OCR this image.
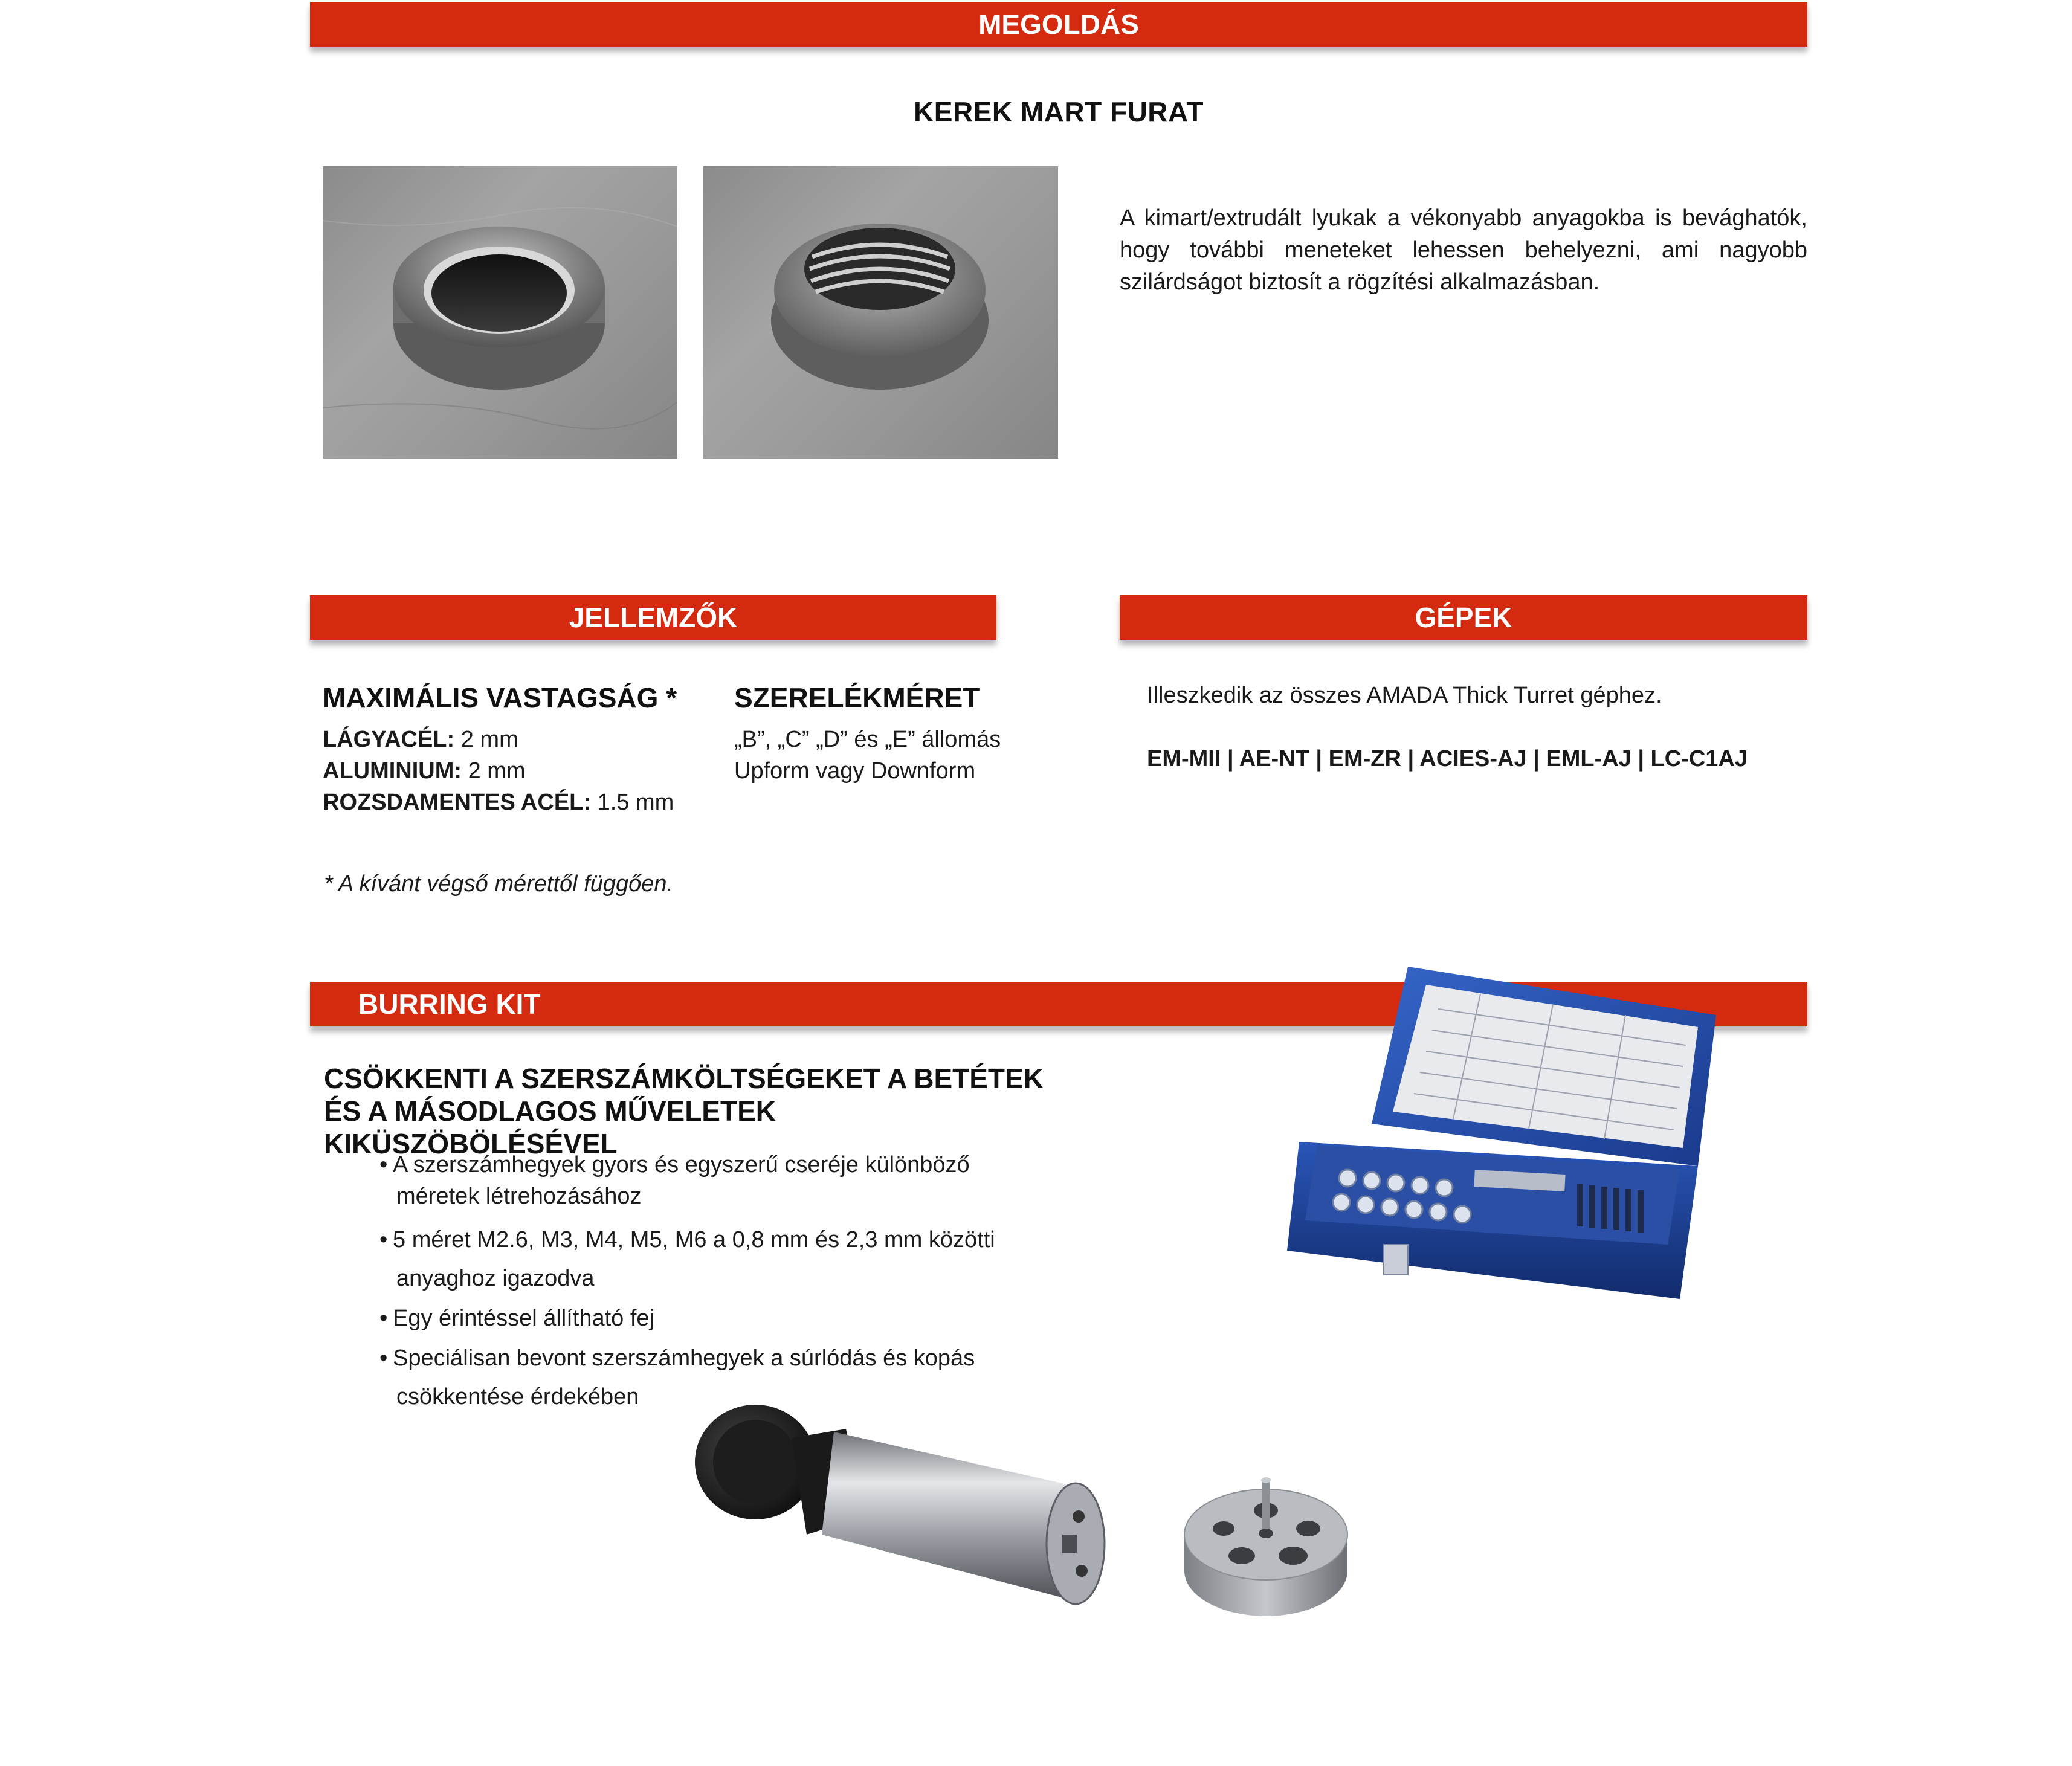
MEGOLDÁS
KEREK MART FURAT
A kimart/extrudált lyukak a vékonyabb anyagokba is bevághatók, hogy további meneteket lehessen behelyezni, ami nagyobb szilárdságot biztosít a rögzítési alkalmazásban.
JELLEMZŐK
MAXIMÁLIS VASTAGSÁG *
LÁGYACÉL: 2 mm
ALUMINIUM: 2 mm
ROZSDAMENTES ACÉL: 1.5 mm
SZERELÉKMÉRET
„B”, „C” „D” és „E” állomás
Upform vagy Downform
* A kívánt végső mérettől függően.
GÉPEK
Illeszkedik az összes AMADA Thick Turret géphez.
EM-MII | AE-NT | EM-ZR | ACIES-AJ | EML-AJ | LC-C1AJ
BURRING KIT
CSÖKKENTI A SZERSZÁMKÖLTSÉGEKET A BETÉTEK
ÉS A MÁSODLAGOS MŰVELETEK KIKÜSZÖBÖLÉSÉVEL
• A szerszámhegyek gyors és egyszerű cseréje különböző
méretek létrehozásához
• 5 méret M2.6, M3, M4, M5, M6 a 0,8 mm és 2,3 mm közötti
anyaghoz igazodva
• Egy érintéssel állítható fej
• Speciálisan bevont szerszámhegyek a súrlódás és kopás
csökkentése érdekében
